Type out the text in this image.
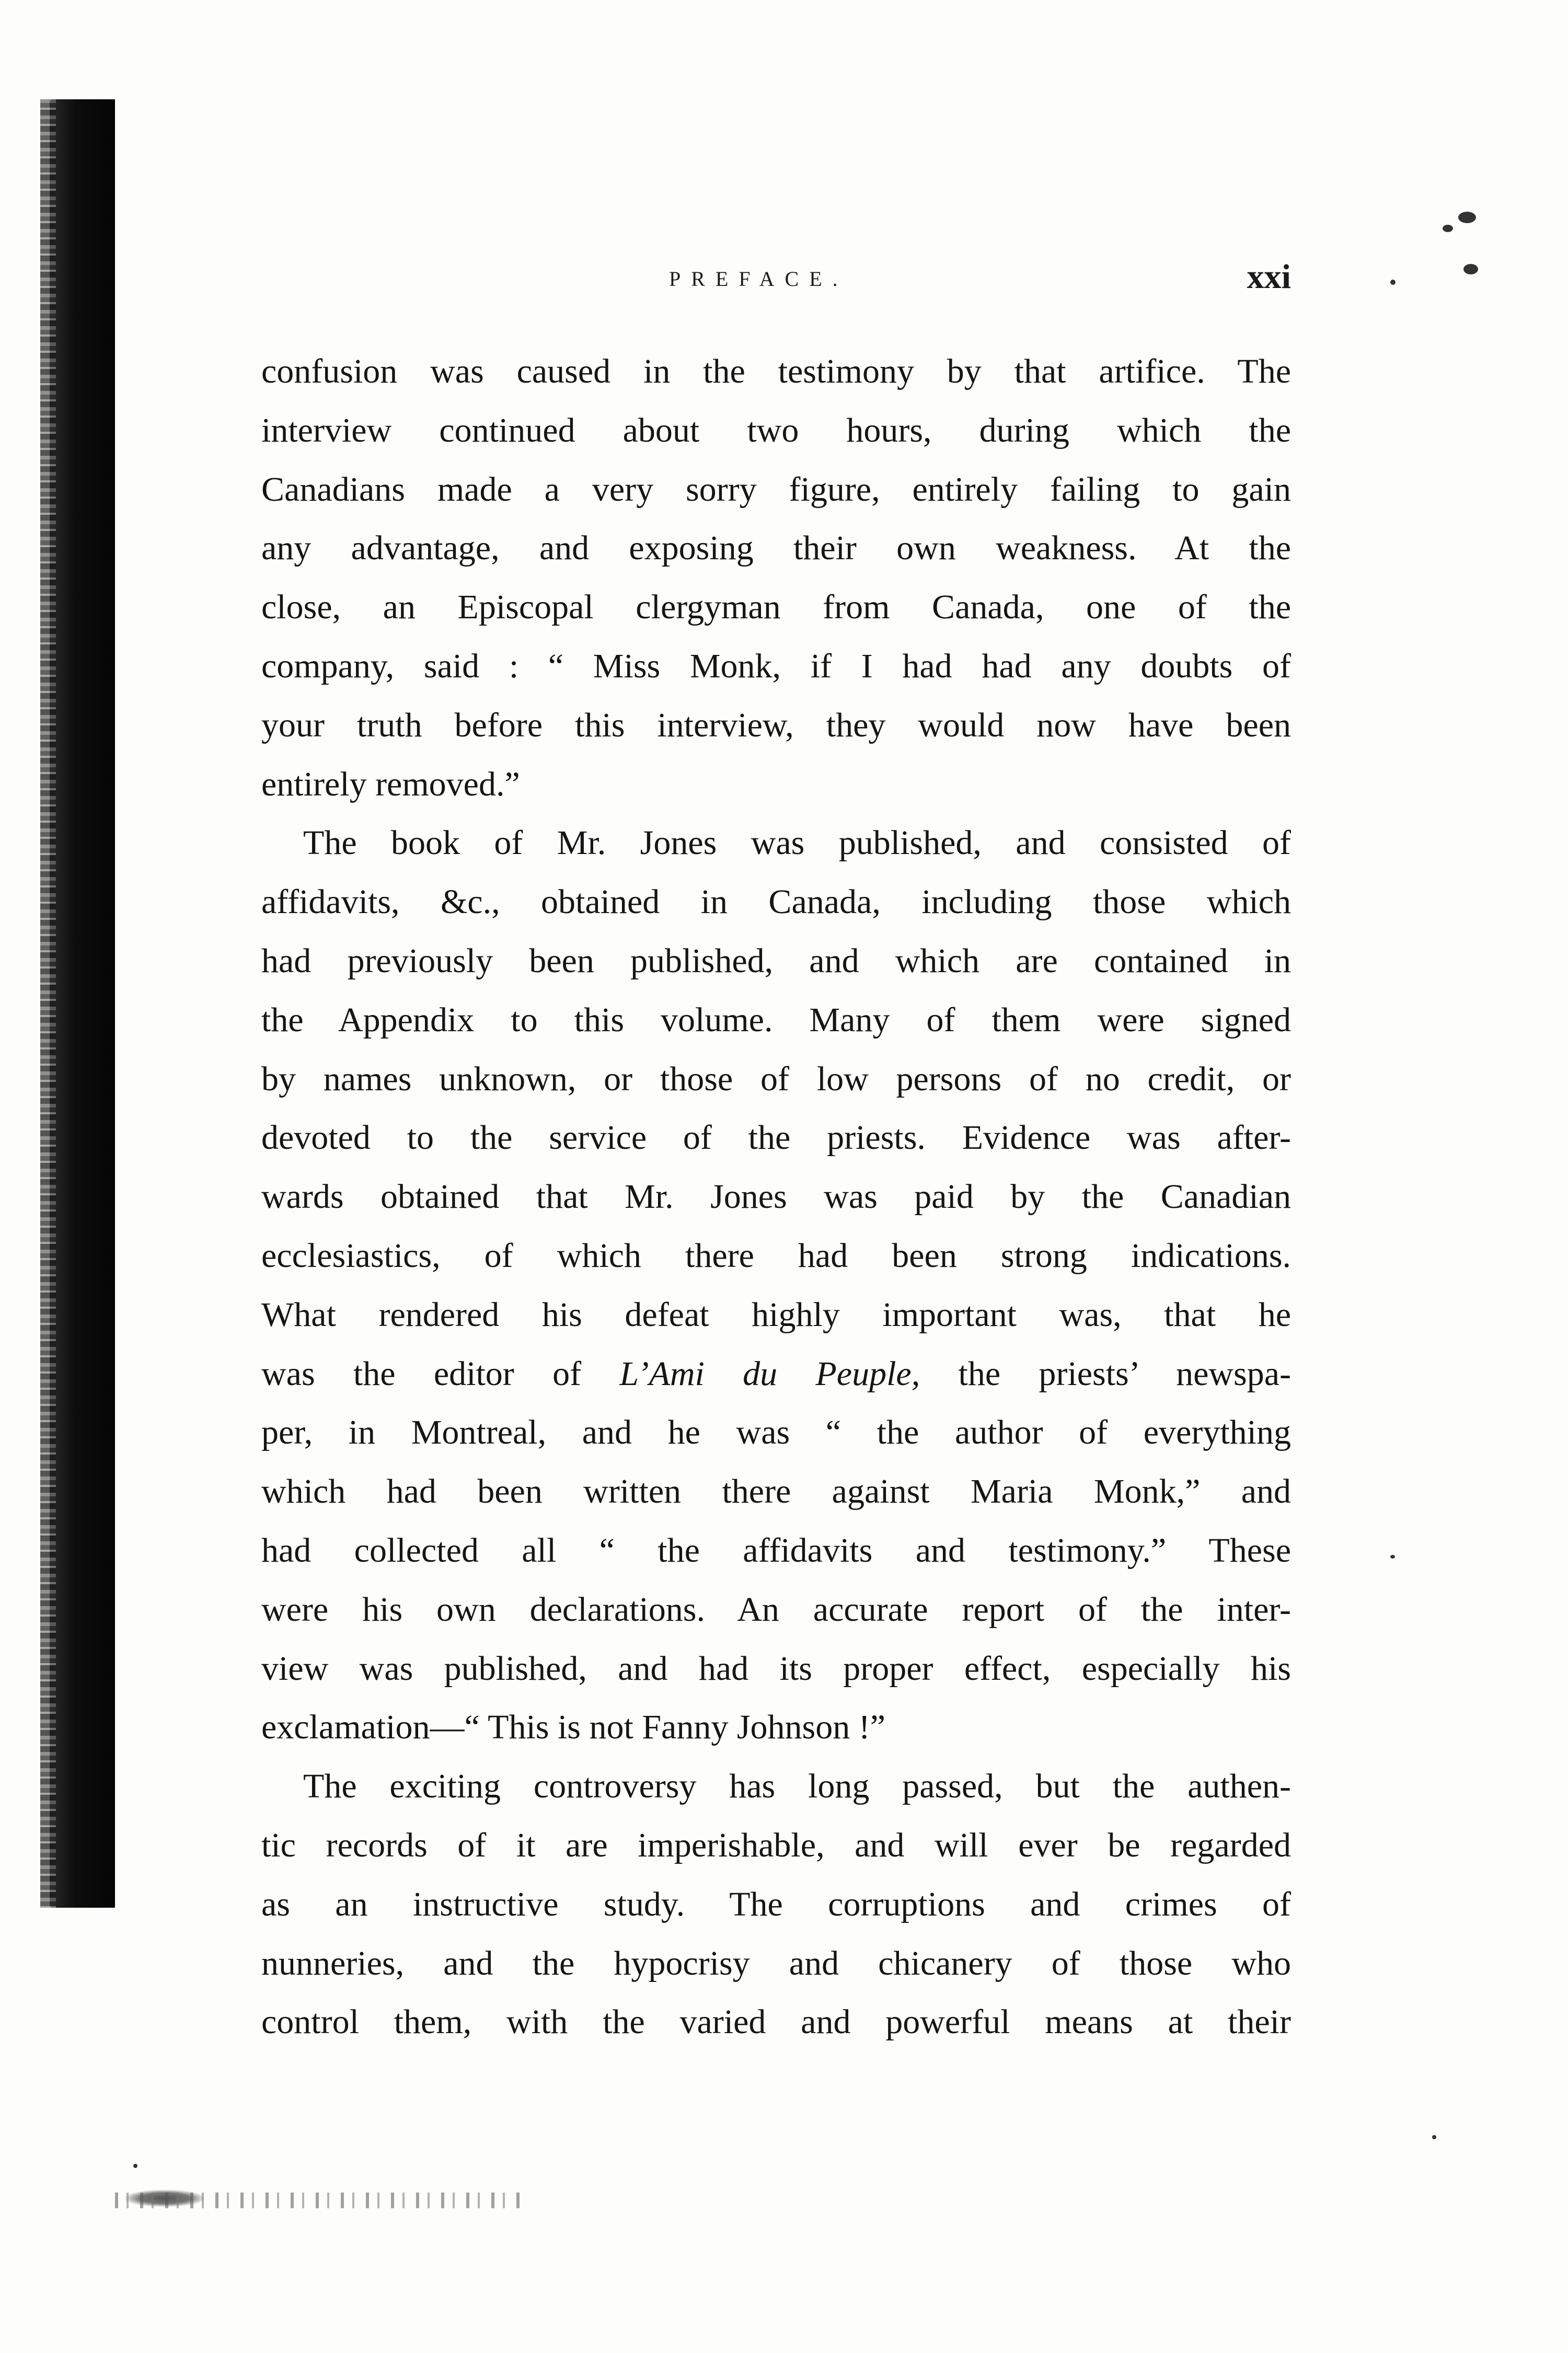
PREFACE.	xxi
confusion was caused in the testimony by that artifice. The
interview continued about two hours, during which the
Canadians made a very sorry figure, entirely failing to gain
any advantage, and exposing their own weakness. At the
close, an Episcopal clergyman from Canada, one of the
company, said : “ Miss Monk, if I had had any doubts of
your truth before this interview, they would now have been
entirely removed.”
The book of Mr. Jones was published, and consisted of
affidavits, &c., obtained in Canada, including those which
had previously been published, and which are contained in
the Appendix to this volume. Many of them were signed
by names unknown, or those of low persons of no credit, or
devoted to the service of the priests. Evidence was after-
wards obtained that Mr. Jones was paid by the Canadian
ecclesiastics, of which there had been strong indications.
What rendered his defeat highly important was, that he
was the editor of L’Ami du Peuple, the priests’ newspa-
per, in Montreal, and he was “ the author of everything
which had been written there against Maria Monk,” and
had collected all “ the affidavits and testimony.” These
were his own declarations. An accurate report of the inter-
view was published, and had its proper effect, especially his
exclamation—“ This is not Fanny Johnson !”
The exciting controversy has long passed, but the authen-
tic records of it are imperishable, and will ever be regarded
as an instructive study. The corruptions and crimes of
nunneries, and the hypocrisy and chicanery of those who
control them, with the varied and powerful means at their
